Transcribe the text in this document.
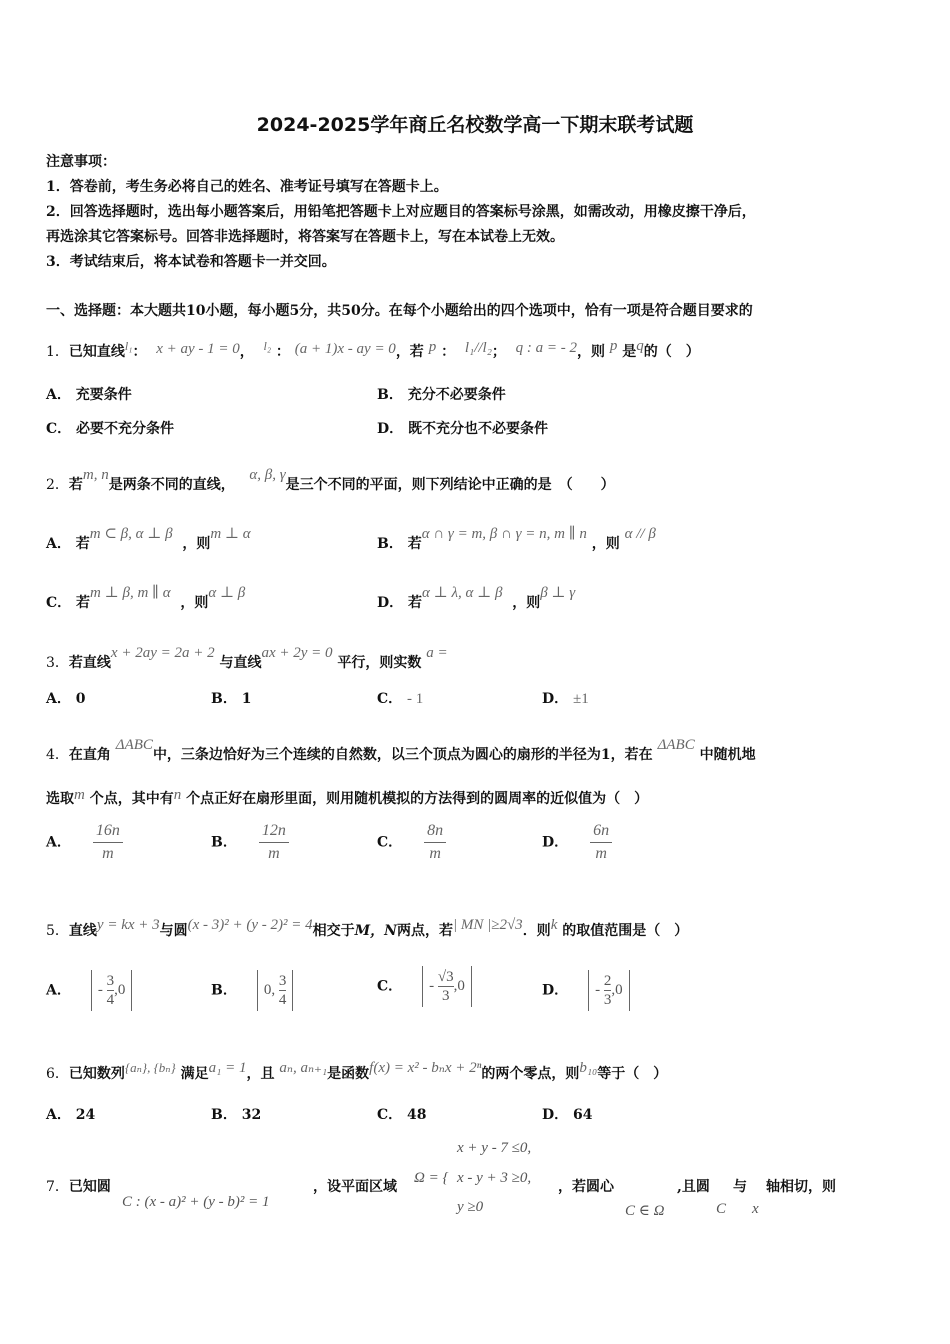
2024-2025学年商丘名校数学高一下期末联考试题
注意事项：
1．答卷前，考生务必将自己的姓名、准考证号填写在答题卡上。
2．回答选择题时，选出每小题答案后，用铅笔把答题卡上对应题目的答案标号涂黑，如需改动，用橡皮擦干净后，
再选涂其它答案标号。回答非选择题时，将答案写在答题卡上，写在本试卷上无效。
3．考试结束后，将本试卷和答题卡一并交回。
一、选择题：本大题共10小题，每小题5分，共50分。在每个小题给出的四个选项中，恰有一项是符合题目要求的
1．已知直线l₁： x + ay - 1 = 0， l₂ ： (a + 1)x - ay = 0，若 p ： l₁//l₂； q : a = - 2，则 p 是q的（　）
A． 充要条件	B． 充分不必要条件
C． 必要不充分条件	D． 既不充分也不必要条件
2．若m, n是两条不同的直线，   α, β, γ是三个不同的平面，则下列结论中正确的是　（　　）
A． 若m ⊂ β, α ⊥ β  ，则m ⊥ α
B． 若α ∩ γ = m, β ∩ γ = n, m ∥ n ，则 α // β
C． 若m ⊥ β, m ∥ α  ，则α ⊥ β
D． 若α ⊥ λ, α ⊥ β  ，则β ⊥ γ
3．若直线x + 2ay = 2a + 2 与直线ax + 2y = 0 平行，则实数 a =
A． 0	B． 1	C． - 1	D． ±1
4．在直角 ΔABC中，三条边恰好为三个连续的自然数，以三个顶点为圆心的扇形的半径为1，若在 ΔABC 中随机地
选取m 个点，其中有n 个点正好在扇形里面，则用随机模拟的方法得到的圆周率的近似值为（　）
A． $\frac{16n}{m}$	B． $\frac{12n}{m}$	C． $\frac{8n}{m}$	D． $\frac{6n}{m}$
5．直线y = kx + 3与圆(x - 3)² + (y - 2)² = 4相交于M，N两点，若| MN |≥2√3．则k 的取值范围是（　）
A． - $\frac{3}{4} ,0$	B． 0, $\frac{3}{4}$	C． - $\frac{√3}{3} ,0$	D． - $\frac{2}{3} ,0$
6．已知数列{aₙ}, {bₙ} 满足a₁ = 1，且 aₙ, aₙ₊₁是函数f(x) = x² - bₙx + 2ⁿ的两个零点，则b₁₀等于（　）
A． 24	B． 32	C． 48	D． 64
x + y - 7 ≤0,
x - y + 3 ≥0,
y ≥0
7．已知圆
C : (x - a)² + (y - b)² = 1
，设平面区域
Ω = {
，若圆心
C ∈ Ω
,且圆
C
与
x
轴相切，则
